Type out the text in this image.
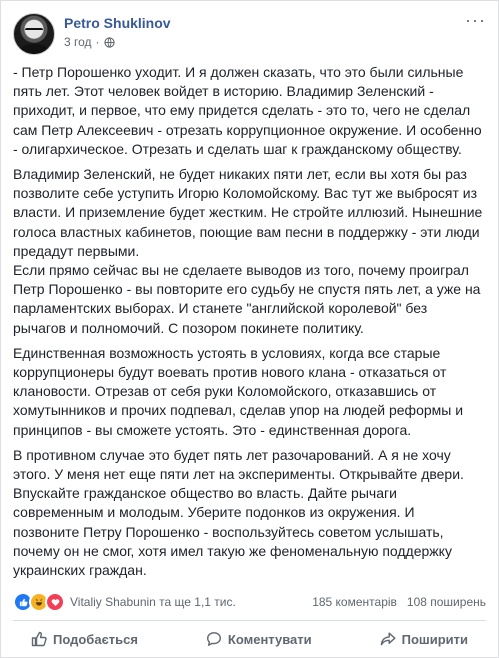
Petro Shuklinov
3 год ·
···

- Петр Порошенко уходит. И я должен сказать, что это были сильные пять лет. Этот человек войдет в историю. Владимир Зеленский - приходит, и первое, что ему придется сделать - это то, чего не сделал сам Петр Алексеевич - отрезать коррупционное окружение. И особенно - олигархическое. Отрезать и сделать шаг к гражданскому обществу.

Владимир Зеленский, не будет никаких пяти лет, если вы хотя бы раз позволите себе уступить Игорю Коломойскому. Вас тут же выбросят из власти. И приземление будет жестким. Не стройте иллюзий. Нынешние голоса властных кабинетов, поющие вам песни в поддержку - эти люди предадут первыми.
Если прямо сейчас вы не сделаете выводов из того, почему проиграл Петр Порошенко - вы повторите его судьбу не спустя пять лет, а уже на парламентских выборах. И станете "английской королевой" без рычагов и полномочий. С позором покинете политику.

Единственная возможность устоять в условиях, когда все старые коррупционеры будут воевать против нового клана - отказаться от клановости. Отрезав от себя руки Коломойского, отказавшись от хомутынников и прочих подпевал, сделав упор на людей реформы и принципов - вы сможете устоять. Это - единственная дорога.

В противном случае это будет пять лет разочарований. А я не хочу этого. У меня нет еще пяти лет на эксперименты. Открывайте двери. Впускайте гражданское общество во власть. Дайте рычаги современным и молодым. Уберите подонков из окружения. И позвоните Петру Порошенко - воспользуйтесь советом услышать, почему он не смог, хотя имел такую же феноменальную поддержку украинских граждан.

Vitaliy Shabunin та ще 1,1 тис.	185 коментарів 108 поширень
Подобається	Коментувати	Поширити
